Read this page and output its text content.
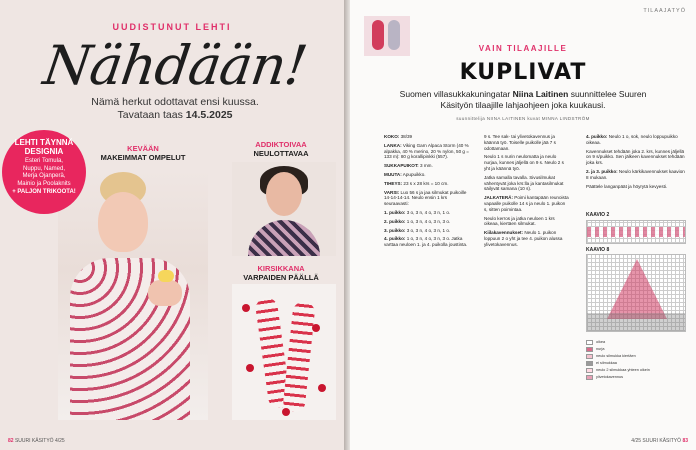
UUDISTUNUT LEHTI
Nähdään!
Nämä herkut odottavat ensi kuussa.
Tavataan taas 14.5.2025
LEHTI TÄYNNÄ
DESIGNIA
Esteri Tomula,
Nuppu, Named,
Merja Ojanperä,
Mainio ja Poolaknits
+ PALJON TRIKOOTA!
KEVÄÄN
MAKEIMMAT OMPELUT
ADDIKTOIVAA
NEULOTTAVAA
KIRSIKKANA
VARPAIDEN PÄÄLLÄ
82 SUURI KÄSITYÖ 4/25
TILAAJATYÖ
VAIN TILAAJILLE
KUPLIVAT
Suomen villasukkakuningatar Niina Laitinen suunnittelee Suuren Käsityön tilaajille lahjaohjeen joka kuukausi.
suunnittelija NIINA LAITINEN kuvat MINNA LINDSTRÖM

KOKO: 38/39

LANKA: Viking Garn Alpaca Storm (40 % alpakka, 40 % merino, 20 % nylon, 50 g = 133 m): 80 g korallipinkki (557).

SUKKAPUIKOT: 3 mm.

MUUTA: Apupuikko.

TIHEYS: 23 s x 28 krs = 10 cm.

VARSI: Luo 56 s ja jaa silmukat puikoille 14-14-14-14. Neulo ensin 1 krs seuraavasti:

1. puikko: 3 o, 3 n, 4 o, 3 n, 1 o.

2. puikko: 1 o, 3 n, 4 o, 3 n, 3 o.

3. puikko: 3 o, 3 n, 4 o, 3 n, 1 o.

4. puikko: 1 o, 3 n, 4 o, 3 n, 3 o. Jatka varttaa neuloen 1. ja 4. puikolla joustinta.

9 s. Tee sak- tai ylivetokavennus ja käännä työ. Toiselle puikolle jää 7 s odottamaan.

Neulo 1 s nurin neulomatta ja neulo nurjaa, kunnes jäljellä on 9 s. Neulo 2 s yht ja käännä työ.

Jatka samalla tavalla. Sivusilmukat vähentyvät joka krs:lla ja kantasilmukat säilyvät samana (10 s).

JALKATERÄ: Poimi kantapään reunoista vapaalle puikolle 14 s ja neulo 1. puikon s, sitten poimintaa.

Neulo kerros ja jatka neuloen 1 krs oikeaa, kiertäen silmukat.

Kiilakavennukset: Neulo 1. puikon loppuun 2 o yht ja tee 4. puikon alussa ylivetokavennus.

4. puikko: Neulo 1 o, sok, neulo loppupuikko oikeaa.

Kavennukset tehdään joka 2. krs, kunnes jäljellä on 9 s/puikko. Sen jälkeen kavennukset tehdään joka krs.

2. ja 3. puikko: Neulo kärkikavennukset kaavion 8 mukaan.

Päättele langanpäät ja höyrytä kevyesti.

KAAVIO 2
KAAVIO 8
oikea
nurja
neulo silmukka kiertäen
ei silmukkaa
neulo 2 silmukkaa yhteen oikein
ylivetokavennus
4/25 SUURI KÄSITYÖ 83
